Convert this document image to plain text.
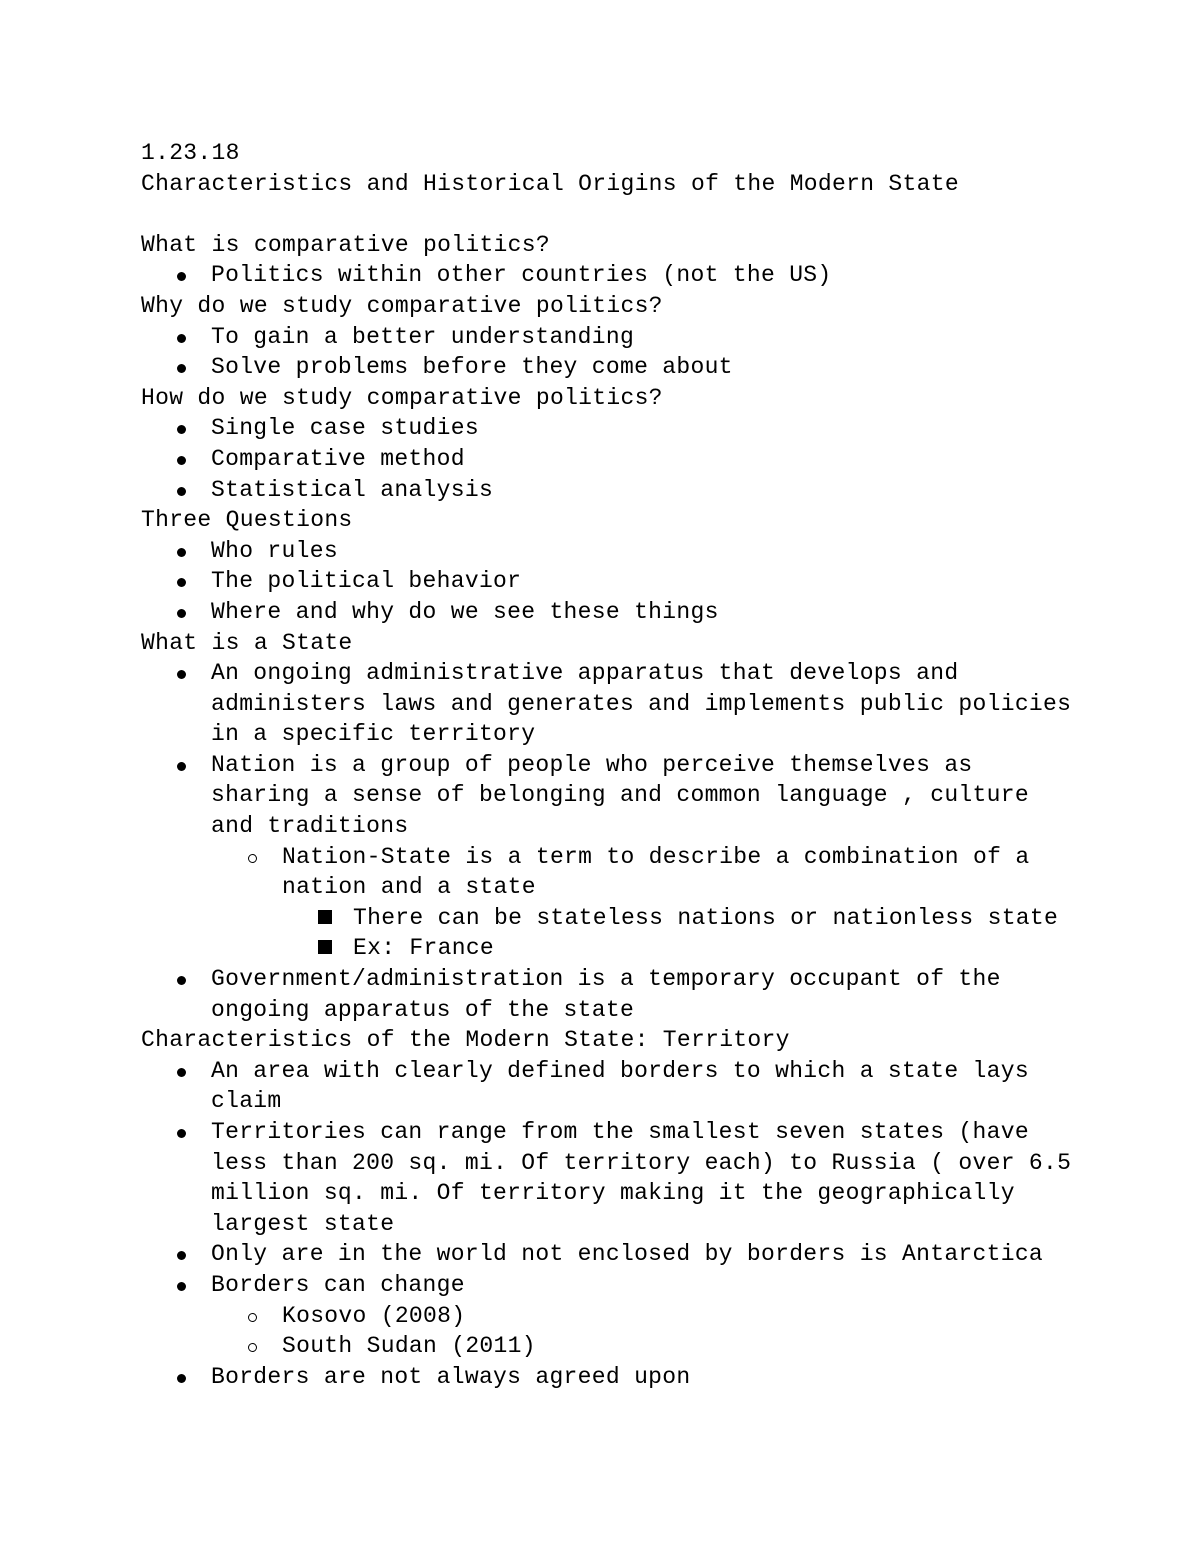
1.23.18
Characteristics and Historical Origins of the Modern State
What is comparative politics?
Politics within other countries (not the US)
Why do we study comparative politics?
To gain a better understanding
Solve problems before they come about
How do we study comparative politics?
Single case studies
Comparative method
Statistical analysis
Three Questions
Who rules
The political behavior
Where and why do we see these things
What is a State
An ongoing administrative apparatus that develops and administers laws and generates and implements public policies in a specific territory
Nation is a group of people who perceive themselves as sharing a sense of belonging and common language , culture and traditions
Nation-State is a term to describe a combination of a nation and a state
There can be stateless nations or nationless state
Ex: France
Government/administration is a temporary occupant of the ongoing apparatus of the state
Characteristics of the Modern State: Territory
An area with clearly defined borders to which a state lays claim
Territories can range from the smallest seven states (have less than 200 sq. mi. Of territory each) to Russia ( over 6.5 million sq. mi. Of territory making it the geographically largest state
Only are in the world not enclosed by borders is Antarctica
Borders can change
Kosovo (2008)
South Sudan (2011)
Borders are not always agreed upon
